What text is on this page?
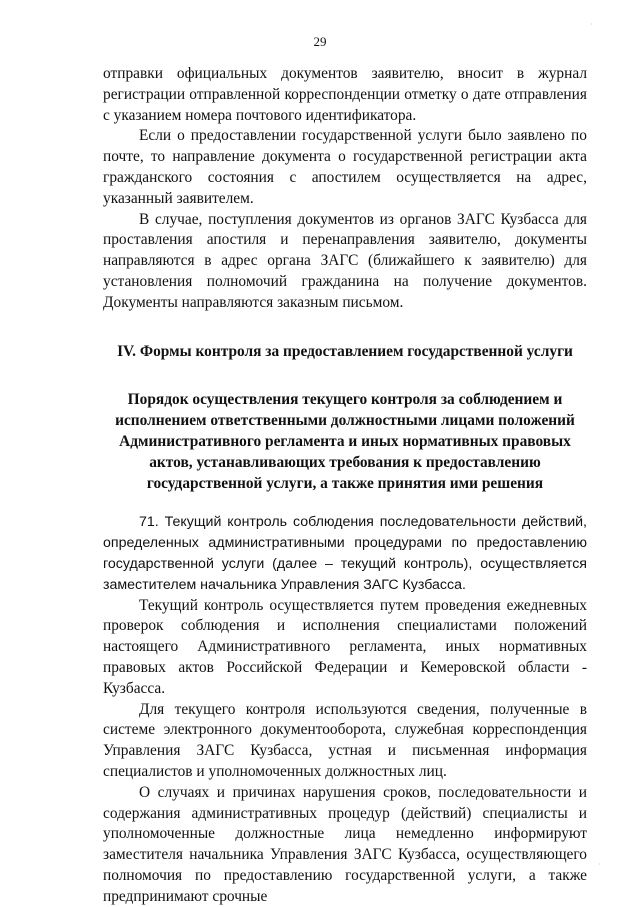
29

отправки официальных документов заявителю, вносит в журнал регистрации отправленной корреспонденции отметку о дате отправления с указанием номера почтового идентификатора.

Если о предоставлении государственной услуги было заявлено по почте, то направление документа о государственной регистрации акта гражданского состояния с апостилем осуществляется на адрес, указанный заявителем.

В случае, поступления документов из органов ЗАГС Кузбасса для проставления апостиля и перенаправления заявителю, документы направляются в адрес органа ЗАГС (ближайшего к заявителю) для установления полномочий гражданина на получение документов. Документы направляются заказным письмом.

IV. Формы контроля за предоставлением государственной услуги

Порядок осуществления текущего контроля за соблюдением и
исполнением ответственными должностными лицами положений
Административного регламента и иных нормативных правовых
актов, устанавливающих требования к предоставлению
государственной услуги, а также принятия ими решения

71. Текущий контроль соблюдения последовательности действий, определенных административными процедурами по предоставлению государственной услуги (далее – текущий контроль), осуществляется заместителем начальника Управления ЗАГС Кузбасса.

Текущий контроль осуществляется путем проведения ежедневных проверок соблюдения и исполнения специалистами положений настоящего Административного регламента, иных нормативных правовых актов Российской Федерации и Кемеровской области - Кузбасса.

Для текущего контроля используются сведения, полученные в системе электронного документооборота, служебная корреспонденция Управления ЗАГС Кузбасса, устная и письменная информация специалистов и уполномоченных должностных лиц.

О случаях и причинах нарушения сроков, последовательности и содержания административных процедур (действий) специалисты и уполномоченные должностные лица немедленно информируют заместителя начальника Управления ЗАГС Кузбасса, осуществляющего полномочия по предоставлению государственной услуги, а также предпринимают срочные

·
·
